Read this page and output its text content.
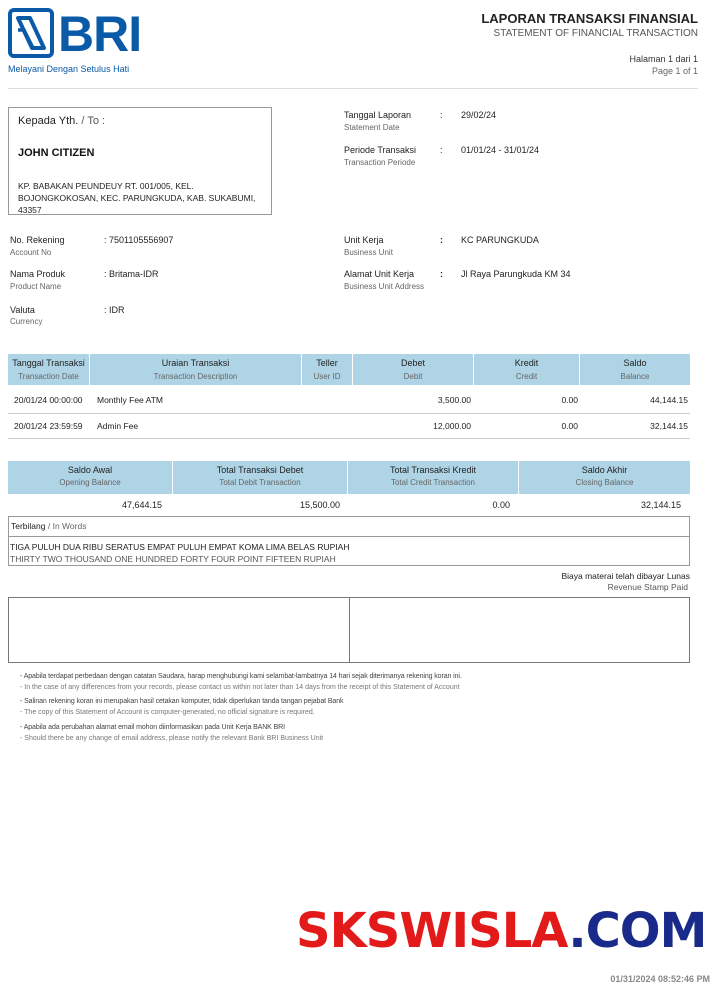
BRI
Melayani Dengan Setulus Hati
LAPORAN TRANSAKSI FINANSIAL
STATEMENT OF FINANCIAL TRANSACTION
Halaman 1 dari 1
Page 1 of 1
Kepada Yth. / To :
JOHN CITIZEN
KP. BABAKAN PEUNDEUY RT. 001/005, KEL. BOJONGKOKOSAN, KEC. PARUNGKUDA, KAB. SUKABUMI, 43357
Tanggal Laporan
Statement Date
: 29/02/24
Periode Transaksi
Transaction Periode
: 01/01/24 - 31/01/24
No. Rekening
Account No
: 7501105556907
Nama Produk
Product Name
: Britama-IDR
Valuta
Currency
: IDR
Unit Kerja
Business Unit
: KC PARUNGKUDA
Alamat Unit Kerja
Business Unit Address
: Jl Raya Parungkuda KM 34
Tanggal Transaksi
Transaction Date
Uraian Transaksi
Transaction Description
Teller
User ID
Debet
Debit
Kredit
Credit
Saldo
Balance
20/01/24 00:00:00 Monthly Fee ATM	3,500.00	0.00	44,144.15
20/01/24 23:59:59 Admin Fee	12,000.00	0.00	32,144.15
Saldo Awal
Opening Balance
Total Transaksi Debet
Total Debit Transaction
Total Transaksi Kredit
Total Credit Transaction
Saldo Akhir
Closing Balance
47,644.15	15,500.00	0.00	32,144.15
Terbilang / In Words
TIGA PULUH DUA RIBU SERATUS EMPAT PULUH EMPAT KOMA LIMA BELAS RUPIAH
THIRTY TWO THOUSAND ONE HUNDRED FORTY FOUR POINT FIFTEEN RUPIAH
Biaya materai telah dibayar Lunas
Revenue Stamp Paid
- Apabila terdapat perbedaan dengan catatan Saudara, harap menghubungi kami selambat-lambatnya 14 hari sejak diterimanya rekening koran ini.
- In the case of any differences from your records, please contact us within not later than 14 days from the receipt of this Statement of Account
- Salinan rekening koran ini merupakan hasil cetakan komputer, tidak diperlukan tanda tangan pejabat Bank
- The copy of this Statement of Account is computer-generated, no official signature is required.
- Apabila ada perubahan alamat email mohon diinformasikan pada Unit Kerja BANK BRI
- Should there be any change of email address, please notify the relevant Bank BRI Business Unit
SKSWISLA.COM
01/31/2024 08:52:46 PM
